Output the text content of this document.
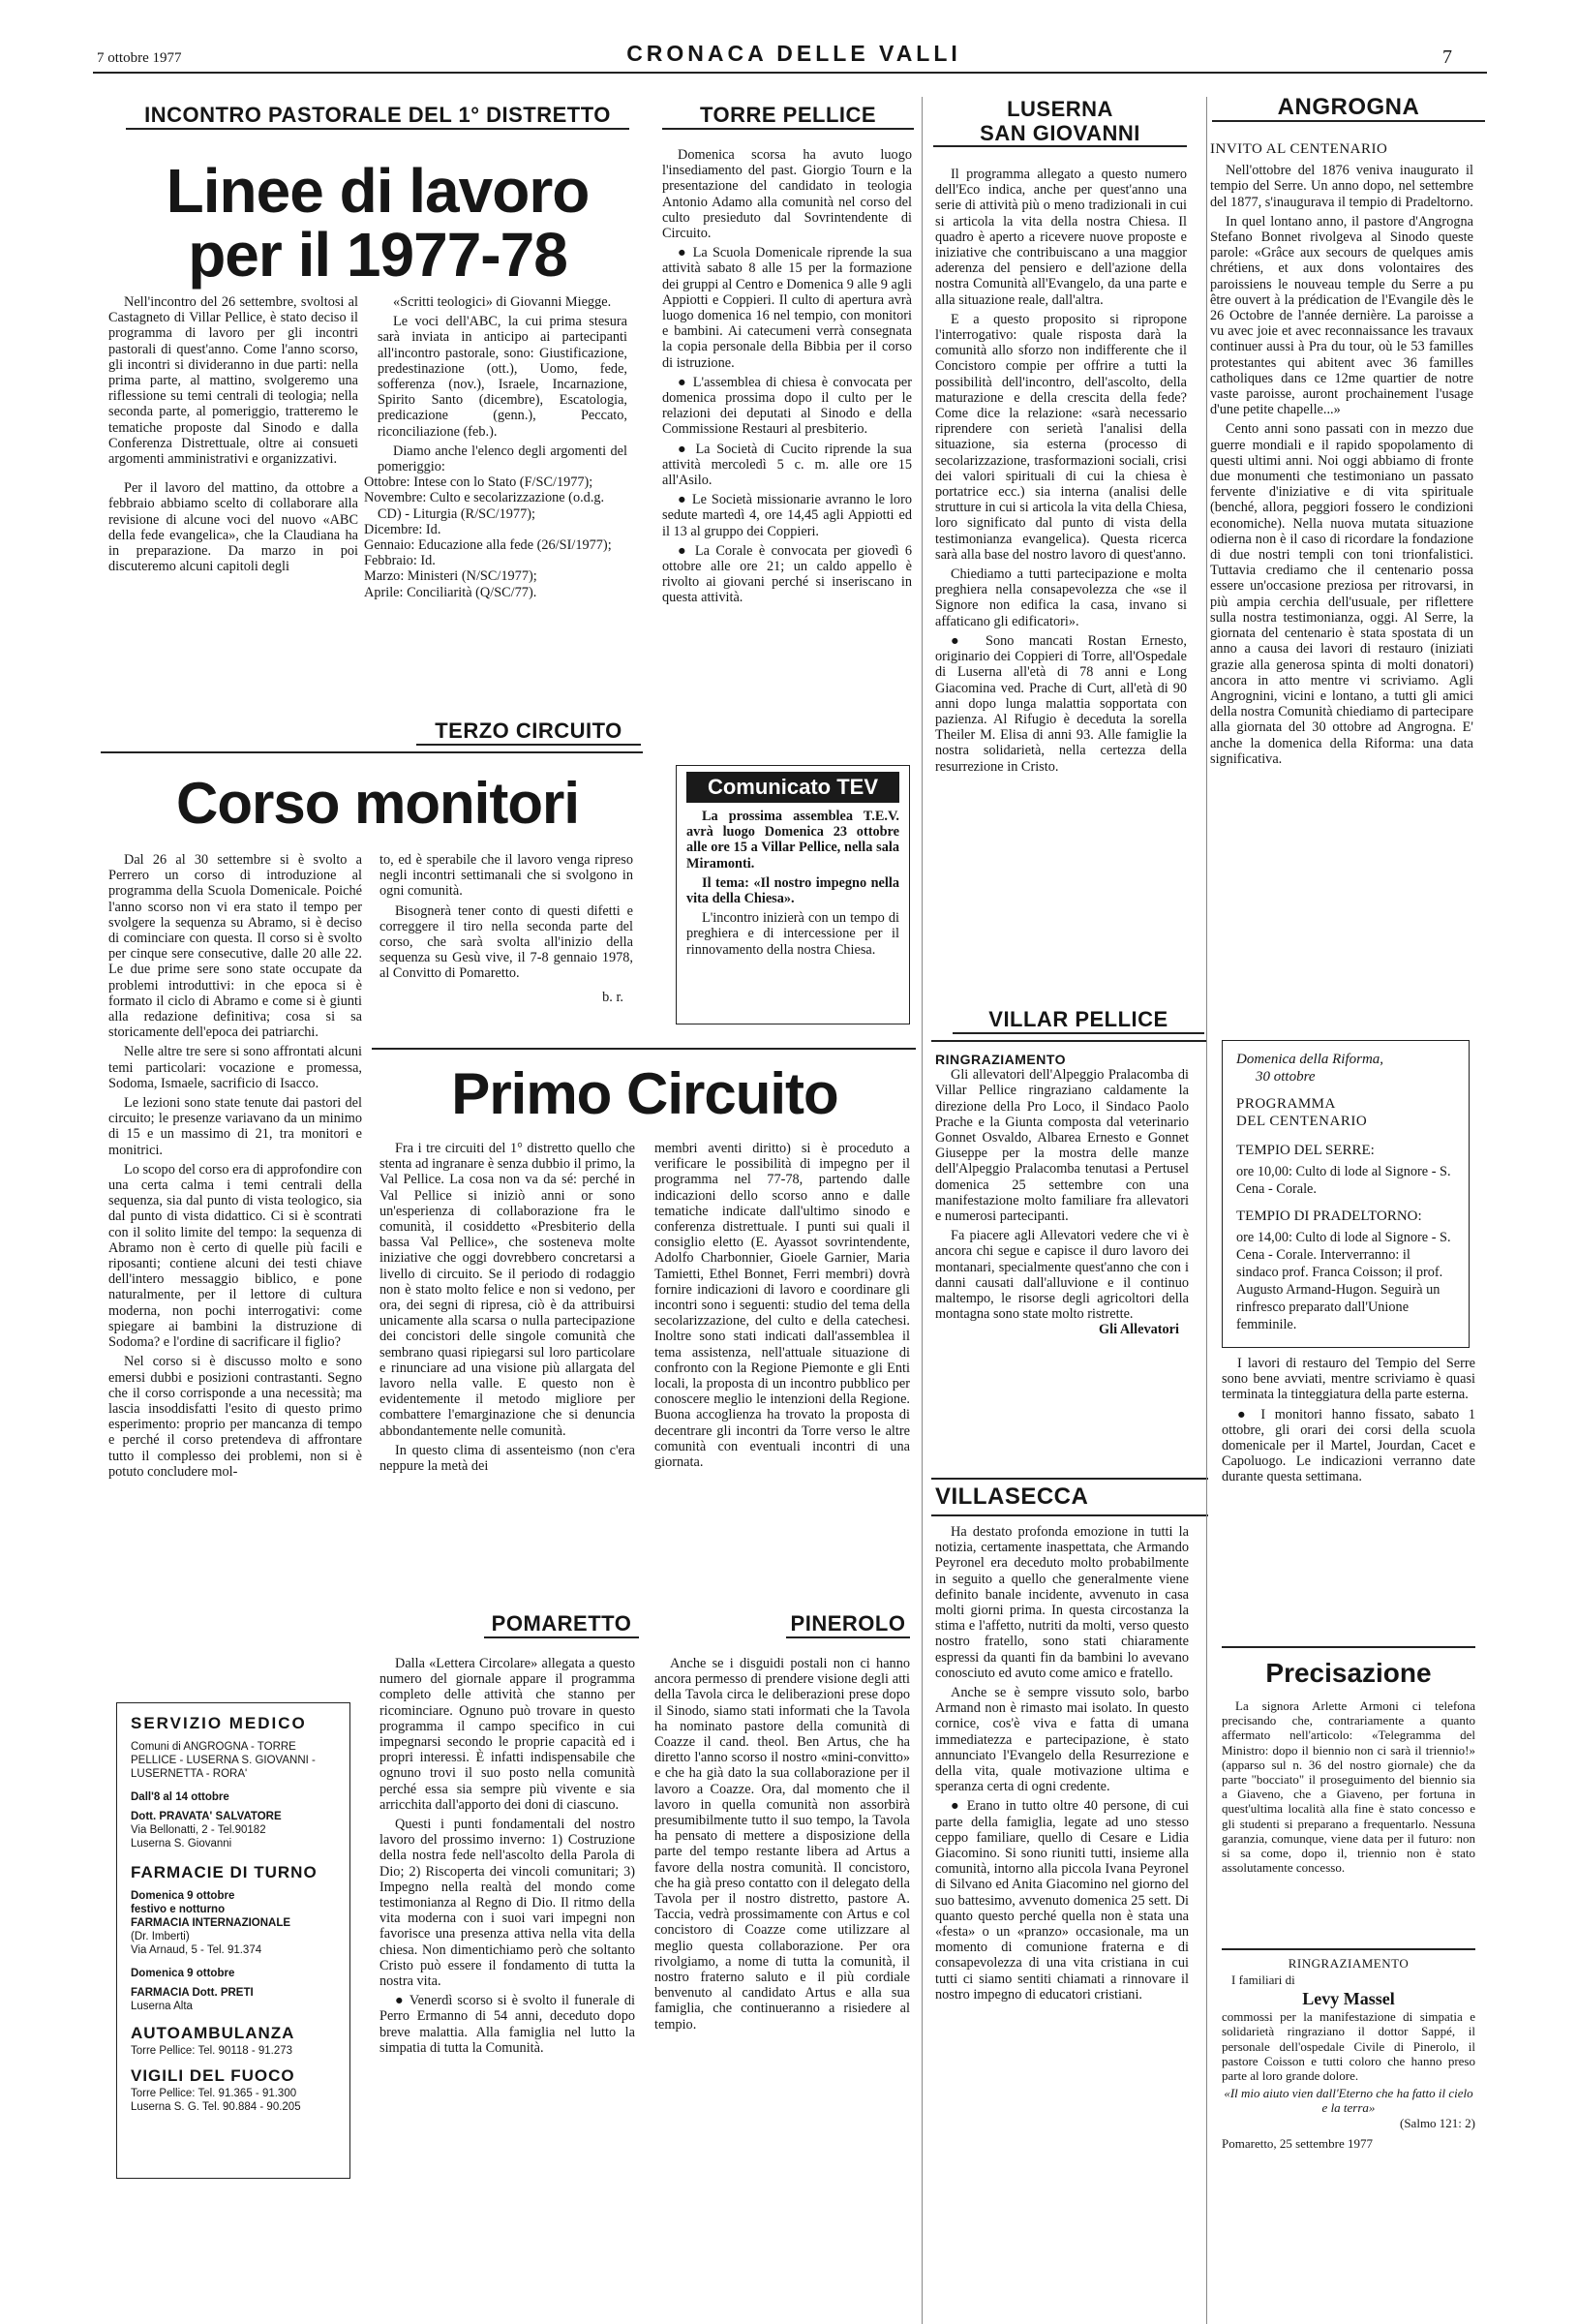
7 ottobre 1977	CRONACA DELLE VALLI	7
INCONTRO PASTORALE DEL 1° DISTRETTO
Linee di lavoro
per il 1977-78

Nell'incontro del 26 settembre, svoltosi al Castagneto di Villar Pellice, è stato deciso il programma di lavoro per gli incontri pastorali di quest'anno. Come l'anno scorso, gli incontri si divideranno in due parti: nella prima parte, al mattino, svolgeremo una riflessione su temi centrali di teologia; nella seconda parte, al pomeriggio, tratteremo le tematiche proposte dal Sinodo e dalla Conferenza Distrettuale, oltre ai consueti argomenti amministrativi e organizzativi.

Per il lavoro del mattino, da ottobre a febbraio abbiamo scelto di collaborare alla revisione di alcune voci del nuovo «ABC della fede evangelica», che la Claudiana ha in preparazione. Da marzo in poi discuteremo alcuni capitoli degli

«Scritti teologici» di Giovanni Miegge.

Le voci dell'ABC, la cui prima stesura sarà inviata in anticipo ai partecipanti all'incontro pastorale, sono: Giustificazione, predestinazione (ott.), Uomo, fede, sofferenza (nov.), Israele, Incarnazione, Spirito Santo (dicembre), Escatologia, predicazione (genn.), Peccato, riconciliazione (feb.).

Diamo anche l'elenco degli argomenti del pomeriggio:

Ottobre: Intese con lo Stato (F/SC/1977);
Novembre: Culto e secolarizzazione (o.d.g. CD) - Liturgia (R/SC/1977);
Dicembre: Id.
Gennaio: Educazione alla fede (26/SI/1977);
Febbraio: Id.
Marzo: Ministeri (N/SC/1977);
Aprile: Conciliarità (Q/SC/77).
TORRE PELLICE

Domenica scorsa ha avuto luogo l'insediamento del past. Giorgio Tourn e la presentazione del candidato in teologia Antonio Adamo alla comunità nel corso del culto presieduto dal Sovrintendente di Circuito.

● La Scuola Domenicale riprende la sua attività sabato 8 alle 15 per la formazione dei gruppi al Centro e Domenica 9 alle 9 agli Appiotti e Coppieri. Il culto di apertura avrà luogo domenica 16 nel tempio, con monitori e bambini. Ai catecumeni verrà consegnata la copia personale della Bibbia per il corso di istruzione.

● L'assemblea di chiesa è convocata per domenica prossima dopo il culto per le relazioni dei deputati al Sinodo e della Commissione Restauri al presbiterio.

● La Società di Cucito riprende la sua attività mercoledì 5 c. m. alle ore 15 all'Asilo.

● Le Società missionarie avranno le loro sedute martedì 4, ore 14,45 agli Appiotti ed il 13 al gruppo dei Coppieri.

● La Corale è convocata per giovedì 6 ottobre alle ore 21; un caldo appello è rivolto ai giovani perché si inseriscano in questa attività.

TERZO CIRCUITO
Corso monitori

Dal 26 al 30 settembre si è svolto a Perrero un corso di introduzione al programma della Scuola Domenicale. Poiché l'anno scorso non vi era stato il tempo per svolgere la sequenza su Abramo, si è deciso di cominciare con questa. Il corso si è svolto per cinque sere consecutive, dalle 20 alle 22. Le due prime sere sono state occupate da problemi introduttivi: in che epoca si è formato il ciclo di Abramo e come si è giunti alla redazione definitiva; cosa si sa storicamente dell'epoca dei patriarchi.

Nelle altre tre sere si sono affrontati alcuni temi particolari: vocazione e promessa, Sodoma, Ismaele, sacrificio di Isacco.

Le lezioni sono state tenute dai pastori del circuito; le presenze variavano da un minimo di 15 e un massimo di 21, tra monitori e monitrici.

Lo scopo del corso era di approfondire con una certa calma i temi centrali della sequenza, sia dal punto di vista teologico, sia dal punto di vista didattico. Ci si è scontrati con il solito limite del tempo: la sequenza di Abramo non è certo di quelle più facili e riposanti; contiene alcuni dei testi chiave dell'intero messaggio biblico, e pone naturalmente, per il lettore di cultura moderna, non pochi interrogativi: come spiegare ai bambini la distruzione di Sodoma? e l'ordine di sacrificare il figlio?

Nel corso si è discusso molto e sono emersi dubbi e posizioni contrastanti. Segno che il corso corrisponde a una necessità; ma lascia insoddisfatti l'esito di questo primo esperimento: proprio per mancanza di tempo e perché il corso pretendeva di affrontare tutto il complesso dei problemi, non si è potuto concludere mol-

to, ed è sperabile che il lavoro venga ripreso negli incontri settimanali che si svolgono in ogni comunità.

Bisognerà tener conto di questi difetti e correggere il tiro nella seconda parte del corso, che sarà svolta all'inizio della sequenza su Gesù vive, il 7-8 gennaio 1978, al Convitto di Pomaretto.

b. r.
Comunicato TEV

La prossima assemblea T.E.V. avrà luogo Domenica 23 ottobre alle ore 15 a Villar Pellice, nella sala Miramonti.

Il tema: «Il nostro impegno nella vita della Chiesa».

L'incontro inizierà con un tempo di preghiera e di intercessione per il rinnovamento della nostra Chiesa.

LUSERNA
SAN GIOVANNI

Il programma allegato a questo numero dell'Eco indica, anche per quest'anno una serie di attività più o meno tradizionali in cui si articola la vita della nostra Chiesa. Il quadro è aperto a ricevere nuove proposte e iniziative che contribuiscano a una maggior aderenza del pensiero e dell'azione della nostra Comunità all'Evangelo, da una parte e alla situazione reale, dall'altra.

E a questo proposito si ripropone l'interrogativo: quale risposta darà la comunità allo sforzo non indifferente che il Concistoro compie per offrire a tutti la possibilità dell'incontro, dell'ascolto, della maturazione e della crescita della fede? Come dice la relazione: «sarà necessario riprendere con serietà l'analisi della situazione, sia esterna (processo di secolarizzazione, trasformazioni sociali, crisi dei valori spirituali di cui la chiesa è portatrice ecc.) sia interna (analisi delle strutture in cui si articola la vita della Chiesa, loro significato dal punto di vista della testimonianza evangelica). Questa ricerca sarà alla base del nostro lavoro di quest'anno.

Chiediamo a tutti partecipazione e molta preghiera nella consapevolezza che «se il Signore non edifica la casa, invano si affaticano gli edificatori».

● Sono mancati Rostan Ernesto, originario dei Coppieri di Torre, all'Ospedale di Luserna all'età di 78 anni e Long Giacomina ved. Prache di Curt, all'età di 90 anni dopo lunga malattia sopportata con pazienza. Al Rifugio è deceduta la sorella Theiler M. Elisa di anni 93. Alle famiglie la nostra solidarietà, nella certezza della resurrezione in Cristo.

VILLAR PELLICE
RINGRAZIAMENTO

Gli allevatori dell'Alpeggio Pralacomba di Villar Pellice ringraziano caldamente la direzione della Pro Loco, il Sindaco Paolo Prache e la Giunta composta dal veterinario Gonnet Osvaldo, Albarea Ernesto e Gonnet Giuseppe per la mostra delle manze dell'Alpeggio Pralacomba tenutasi a Pertusel domenica 25 settembre con una manifestazione molto familiare fra allevatori e numerosi partecipanti.

Fa piacere agli Allevatori vedere che vi è ancora chi segue e capisce il duro lavoro dei montanari, specialmente quest'anno che con i danni causati dall'alluvione e il continuo maltempo, le risorse degli agricoltori della montagna sono state molto ristrette.

Gli Allevatori
VILLASECCA

Ha destato profonda emozione in tutti la notizia, certamente inaspettata, che Armando Peyronel era deceduto molto probabilmente in seguito a quello che generalmente viene definito banale incidente, avvenuto in casa molti giorni prima. In questa circostanza la stima e l'affetto, nutriti da molti, verso questo nostro fratello, sono stati chiaramente espressi da quanti fin da bambini lo avevano conosciuto ed avuto come amico e fratello.

Anche se è sempre vissuto solo, barbo Armand non è rimasto mai isolato. In questo cornice, cos'è viva e fatta di umana immediatezza e partecipazione, è stato annunciato l'Evangelo della Resurrezione e della vita, quale motivazione ultima e speranza certa di ogni credente.

● Erano in tutto oltre 40 persone, di cui parte della famiglia, legate ad uno stesso ceppo familiare, quello di Cesare e Lidia Giacomino. Si sono riuniti tutti, insieme alla comunità, intorno alla piccola Ivana Peyronel di Silvano ed Anita Giacomino nel giorno del suo battesimo, avvenuto domenica 25 sett. Di quanto questo perché quella non è stata una «festa» o un «pranzo» occasionale, ma un momento di comunione fraterna e di consapevolezza di una vita cristiana in cui tutti ci siamo sentiti chiamati a rinnovare il nostro impegno di educatori cristiani.

ANGROGNA
INVITO AL CENTENARIO

Nell'ottobre del 1876 veniva inaugurato il tempio del Serre. Un anno dopo, nel settembre del 1877, s'inaugurava il tempio di Pradeltorno.

In quel lontano anno, il pastore d'Angrogna Stefano Bonnet rivolgeva al Sinodo queste parole: «Grâce aux secours de quelques amis chrétiens, et aux dons volontaires des paroissiens le nouveau temple du Serre a pu être ouvert à la prédication de l'Evangile dès le 26 Octobre de l'année dernière. La paroisse a vu avec joie et avec reconnaissance les travaux continuer aussi à Pra du tour, où le 53 familles protestantes qui abitent avec 36 familles catholiques dans ce 12me quartier de notre vaste paroisse, auront prochainement l'usage d'une petite chapelle...»

Cento anni sono passati con in mezzo due guerre mondiali e il rapido spopolamento di questi ultimi anni. Noi oggi abbiamo di fronte due monumenti che testimoniano un passato fervente d'iniziative e di vita spirituale (benché, allora, peggiori fossero le condizioni economiche). Nella nuova mutata situazione odierna non è il caso di ricordare la fondazione di due nostri templi con toni trionfalistici. Tuttavia crediamo che il centenario possa essere un'occasione preziosa per ritrovarsi, in più ampia cerchia dell'usuale, per riflettere sulla nostra testimonianza, oggi. Al Serre, la giornata del centenario è stata spostata di un anno a causa dei lavori di restauro (iniziati grazie alla generosa spinta di molti donatori) ancora in atto mentre vi scriviamo. Agli Angrognini, vicini e lontano, a tutti gli amici della nostra Comunità chiediamo di partecipare alla giornata del 30 ottobre ad Angrogna. E' anche la domenica della Riforma: una data significativa.

Domenica della Riforma,
30 ottobre
PROGRAMMA
DEL CENTENARIO
TEMPIO DEL SERRE:
ore 10,00: Culto di lode al Signore - S. Cena - Corale.
TEMPIO DI PRADELTORNO:
ore 14,00: Culto di lode al Signore - S. Cena - Corale. Interverranno: il sindaco prof. Franca Coisson; il prof. Augusto Armand-Hugon. Seguirà un rinfresco preparato dall'Unione femminile.

I lavori di restauro del Tempio del Serre sono bene avviati, mentre scriviamo è quasi terminata la tinteggiatura della parte esterna.

● I monitori hanno fissato, sabato 1 ottobre, gli orari dei corsi della scuola domenicale per il Martel, Jourdan, Cacet e Capoluogo. Le indicazioni verranno date durante questa settimana.

Precisazione
La signora Arlette Armoni ci telefona precisando che, contrariamente a quanto affermato nell'articolo: «Telegramma del Ministro: dopo il biennio non ci sarà il triennio!» (apparso sul n. 36 del nostro giornale) che da parte "bocciato" il proseguimento del biennio sia a Giaveno, che a Giaveno, per fortuna in quest'ultima località alla fine è stato concesso e gli studenti si preparano a frequentarlo. Nessuna garanzia, comunque, viene data per il futuro: non si sa come, dopo il, triennio non è stato assolutamente concesso.
RINGRAZIAMENTO
I familiari di
Levy Massel
commossi per la manifestazione di simpatia e solidarietà ringraziano il dottor Sappé, il personale dell'ospedale Civile di Pinerolo, il pastore Coisson e tutti coloro che hanno preso parte al loro grande dolore.
«Il mio aiuto vien dall'Eterno che ha fatto il cielo e la terra»
(Salmo 121: 2)
Pomaretto, 25 settembre 1977
Primo Circuito

Fra i tre circuiti del 1° distretto quello che stenta ad ingranare è senza dubbio il primo, la Val Pellice. La cosa non va da sé: perché in Val Pellice si iniziò anni or sono un'esperienza di collaborazione fra le comunità, il cosiddetto «Presbiterio della bassa Val Pellice», che sosteneva molte iniziative che oggi dovrebbero concretarsi a livello di circuito. Se il periodo di rodaggio non è stato molto felice e non si vedono, per ora, dei segni di ripresa, ciò è da attribuirsi unicamente alla scarsa o nulla partecipazione dei concistori delle singole comunità che sembrano quasi ripiegarsi sul loro particolare e rinunciare ad una visione più allargata del lavoro nella valle. E questo non è evidentemente il metodo migliore per combattere l'emarginazione che si denuncia abbondantemente nelle comunità.

In questo clima di assenteismo (non c'era neppure la metà dei

membri aventi diritto) si è proceduto a verificare le possibilità di impegno per il programma nel 77-78, partendo dalle indicazioni dello scorso anno e dalle tematiche indicate dall'ultimo sinodo e conferenza distrettuale. I punti sui quali il consiglio eletto (E. Ayassot sovrintendente, Adolfo Charbonnier, Gioele Garnier, Maria Tamietti, Ethel Bonnet, Ferri membri) dovrà fornire indicazioni di lavoro e coordinare gli incontri sono i seguenti: studio del tema della secolarizzazione, del culto e della catechesi. Inoltre sono stati indicati dall'assemblea il tema assistenza, nell'attuale situazione di confronto con la Regione Piemonte e gli Enti locali, la proposta di un incontro pubblico per conoscere meglio le intenzioni della Regione. Buona accoglienza ha trovato la proposta di decentrare gli incontri da Torre verso le altre comunità con eventuali incontri di una giornata.

POMARETTO

Dalla «Lettera Circolare» allegata a questo numero del giornale appare il programma completo delle attività che stanno per ricominciare. Ognuno può trovare in questo programma il campo specifico in cui impegnarsi secondo le proprie capacità ed i propri interessi. È infatti indispensabile che ognuno trovi il suo posto nella comunità perché essa sia sempre più vivente e sia arricchita dall'apporto dei doni di ciascuno.

Questi i punti fondamentali del nostro lavoro del prossimo inverno: 1) Costruzione della nostra fede nell'ascolto della Parola di Dio; 2) Riscoperta dei vincoli comunitari; 3) Impegno nella realtà del mondo come testimonianza al Regno di Dio. Il ritmo della vita moderna con i suoi vari impegni non favorisce una presenza attiva nella vita della chiesa. Non dimentichiamo però che soltanto Cristo può essere il fondamento di tutta la nostra vita.

● Venerdì scorso si è svolto il funerale di Perro Ermanno di 54 anni, deceduto dopo breve malattia. Alla famiglia nel lutto la simpatia di tutta la Comunità.

PINEROLO

Anche se i disguidi postali non ci hanno ancora permesso di prendere visione degli atti della Tavola circa le deliberazioni prese dopo il Sinodo, siamo stati informati che la Tavola ha nominato pastore della comunità di Coazze il cand. theol. Ben Artus, che ha diretto l'anno scorso il nostro «mini-convitto» e che ha già dato la sua collaborazione per il lavoro a Coazze. Ora, dal momento che il lavoro in quella comunità non assorbirà presumibilmente tutto il suo tempo, la Tavola ha pensato di mettere a disposizione della parte del tempo restante libera ad Artus a favore della nostra comunità. Il concistoro, che ha già preso contatto con il delegato della Tavola per il nostro distretto, pastore A. Taccia, vedrà prossimamente con Artus e col concistoro di Coazze come utilizzare al meglio questa collaborazione. Per ora rivolgiamo, a nome di tutta la comunità, il nostro fraterno saluto e il più cordiale benvenuto al candidato Artus e alla sua famiglia, che continueranno a risiedere al tempio.

SERVIZIO MEDICO
Comuni di ANGROGNA - TORRE PELLICE - LUSERNA S. GIOVANNI - LUSERNETTA - RORA'
Dall'8 al 14 ottobre
Dott. PRAVATA' SALVATORE
Via Bellonatti, 2 - Tel.90182
Luserna S. Giovanni
FARMACIE DI TURNO
Domenica 9 ottobre
festivo e notturno
FARMACIA INTERNAZIONALE
(Dr. Imberti)
Via Arnaud, 5 - Tel. 91.374
Domenica 9 ottobre
FARMACIA Dott. PRETI
Luserna Alta
AUTOAMBULANZA
Torre Pellice: Tel. 90118 - 91.273
VIGILI DEL FUOCO
Torre Pellice: Tel. 91.365 - 91.300
Luserna S. G. Tel. 90.884 - 90.205
